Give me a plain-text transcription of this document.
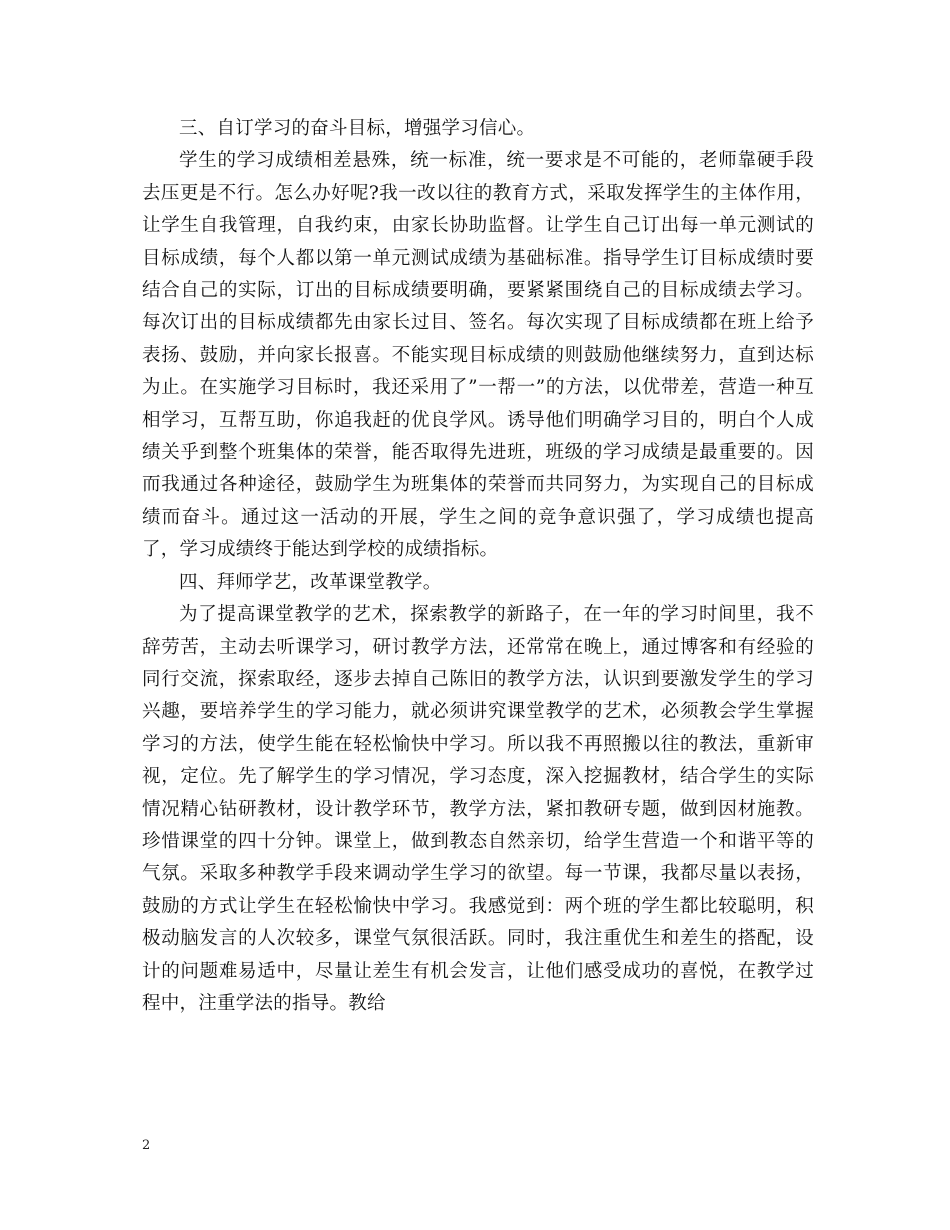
三、自订学习的奋斗目标，增强学习信心。

学生的学习成绩相差悬殊，统一标准，统一要求是不可能的，老师靠硬手段去压更是不行。怎么办好呢?我一改以往的教育方式，采取发挥学生的主体作用，让学生自我管理，自我约束，由家长协助监督。让学生自己订出每一单元测试的目标成绩，每个人都以第一单元测试成绩为基础标准。指导学生订目标成绩时要结合自己的实际，订出的目标成绩要明确，要紧紧围绕自己的目标成绩去学习。每次订出的目标成绩都先由家长过目、签名。每次实现了目标成绩都在班上给予表扬、鼓励，并向家长报喜。不能实现目标成绩的则鼓励他继续努力，直到达标为止。在实施学习目标时，我还采用了”一帮一”的方法，以优带差，营造一种互相学习，互帮互助，你追我赶的优良学风。诱导他们明确学习目的，明白个人成绩关乎到整个班集体的荣誉，能否取得先进班，班级的学习成绩是最重要的。因而我通过各种途径，鼓励学生为班集体的荣誉而共同努力，为实现自己的目标成绩而奋斗。通过这一活动的开展，学生之间的竞争意识强了，学习成绩也提高了，学习成绩终于能达到学校的成绩指标。

四、拜师学艺，改革课堂教学。

为了提高课堂教学的艺术，探索教学的新路子，在一年的学习时间里，我不辞劳苦，主动去听课学习，研讨教学方法，还常常在晚上，通过博客和有经验的同行交流，探索取经，逐步去掉自己陈旧的教学方法，认识到要激发学生的学习兴趣，要培养学生的学习能力，就必须讲究课堂教学的艺术，必须教会学生掌握学习的方法，使学生能在轻松愉快中学习。所以我不再照搬以往的教法，重新审视，定位。先了解学生的学习情况，学习态度，深入挖掘教材，结合学生的实际情况精心钻研教材，设计教学环节，教学方法，紧扣教研专题，做到因材施教。珍惜课堂的四十分钟。课堂上，做到教态自然亲切，给学生营造一个和谐平等的气氛。采取多种教学手段来调动学生学习的欲望。每一节课，我都尽量以表扬，鼓励的方式让学生在轻松愉快中学习。我感觉到：两个班的学生都比较聪明，积极动脑发言的人次较多，课堂气氛很活跃。同时，我注重优生和差生的搭配，设计的问题难易适中，尽量让差生有机会发言，让他们感受成功的喜悦，在教学过程中，注重学法的指导。教给

2
